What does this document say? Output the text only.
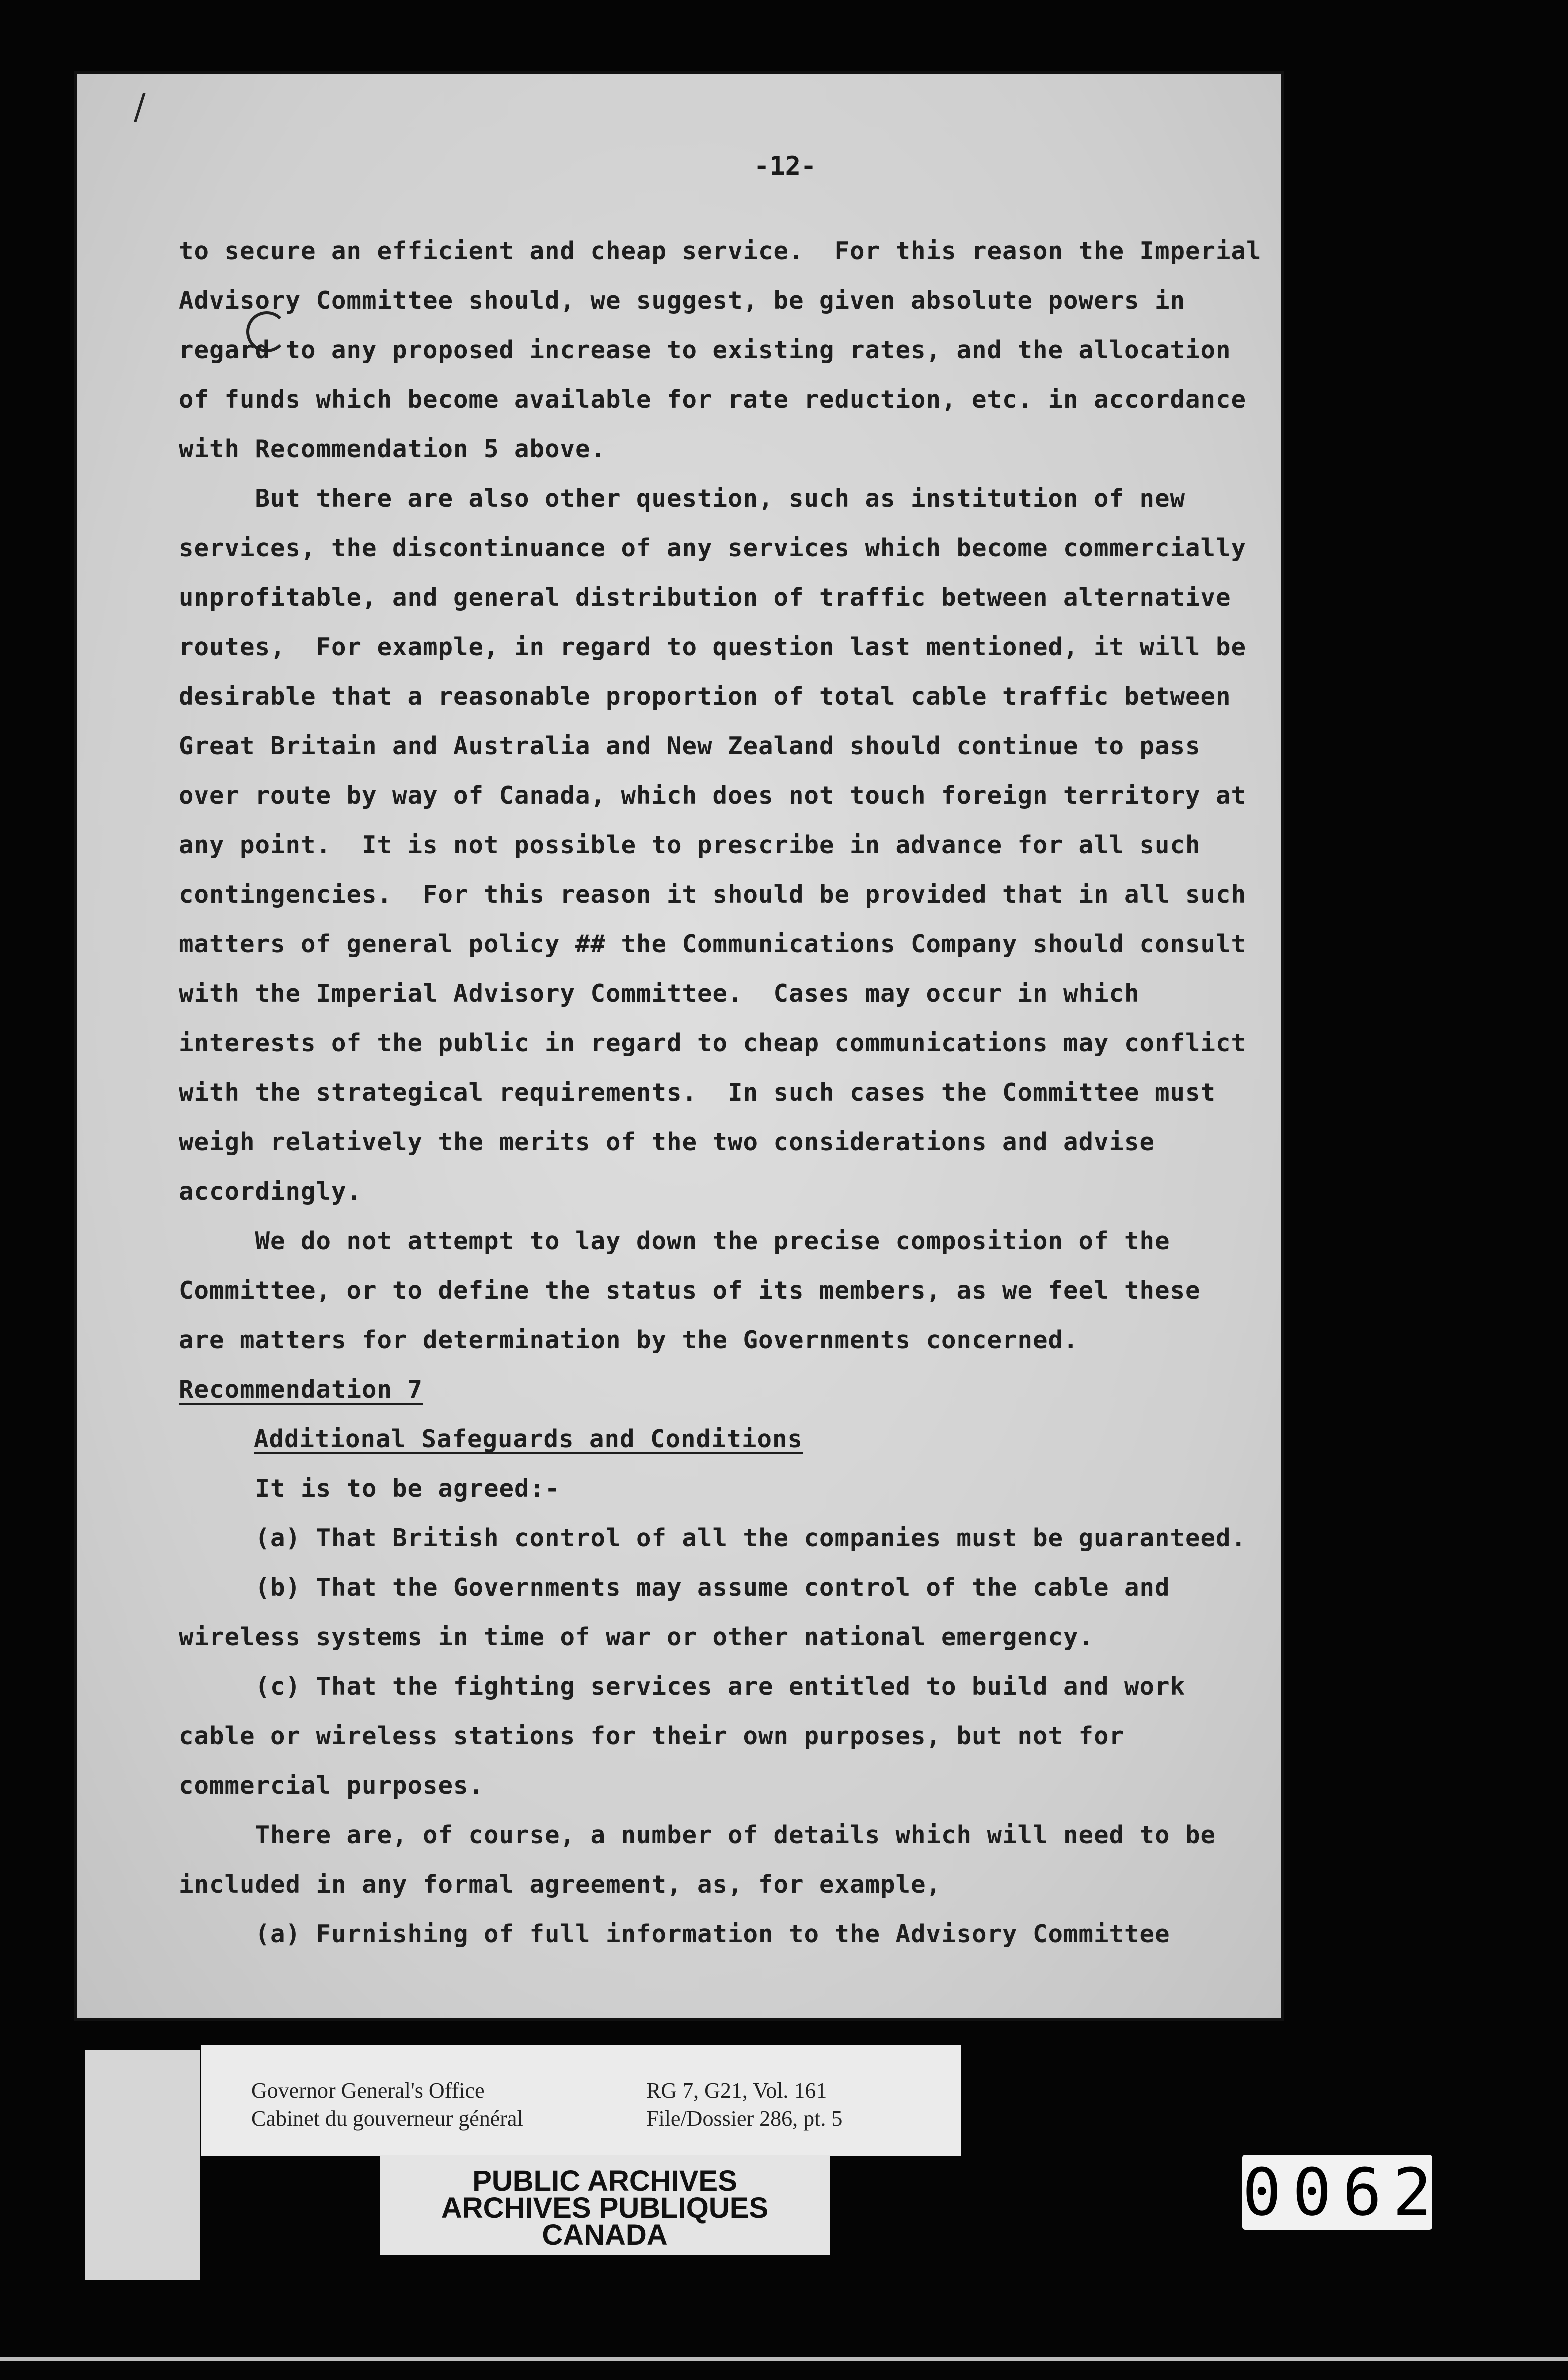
/
-12-
to secure an efficient and cheap service.  For this reason the Imperial
Advisory Committee should, we suggest, be given absolute powers in
regard to any proposed increase to existing rates, and the allocation
of funds which become available for rate reduction, etc. in accordance
with Recommendation 5 above.
But there are also other question, such as institution of new
services, the discontinuance of any services which become commercially
unprofitable, and general distribution of traffic between alternative
routes,  For example, in regard to question last mentioned, it will be
desirable that a reasonable proportion of total cable traffic between
Great Britain and Australia and New Zealand should continue to pass
over route by way of Canada, which does not touch foreign territory at
any point.  It is not possible to prescribe in advance for all such
contingencies.  For this reason it should be provided that in all such
matters of general policy ## the Communications Company should consult
with the Imperial Advisory Committee.  Cases may occur in which
interests of the public in regard to cheap communications may conflict
with the strategical requirements.  In such cases the Committee must
weigh relatively the merits of the two considerations and advise
accordingly.
We do not attempt to lay down the precise composition of the
Committee, or to define the status of its members, as we feel these
are matters for determination by the Governments concerned.
Recommendation 7
Additional Safeguards and Conditions
It is to be agreed:-
(a) That British control of all the companies must be guaranteed.
(b) That the Governments may assume control of the cable and
wireless systems in time of war or other national emergency.
(c) That the fighting services are entitled to build and work
cable or wireless stations for their own purposes, but not for
commercial purposes.
There are, of course, a number of details which will need to be
included in any formal agreement, as, for example,
(a) Furnishing of full information to the Advisory Committee
Governor General's Office
Cabinet du gouverneur général
RG 7, G21, Vol. 161
File/Dossier 286, pt. 5
PUBLIC ARCHIVES
ARCHIVES PUBLIQUES
CANADA
0062
